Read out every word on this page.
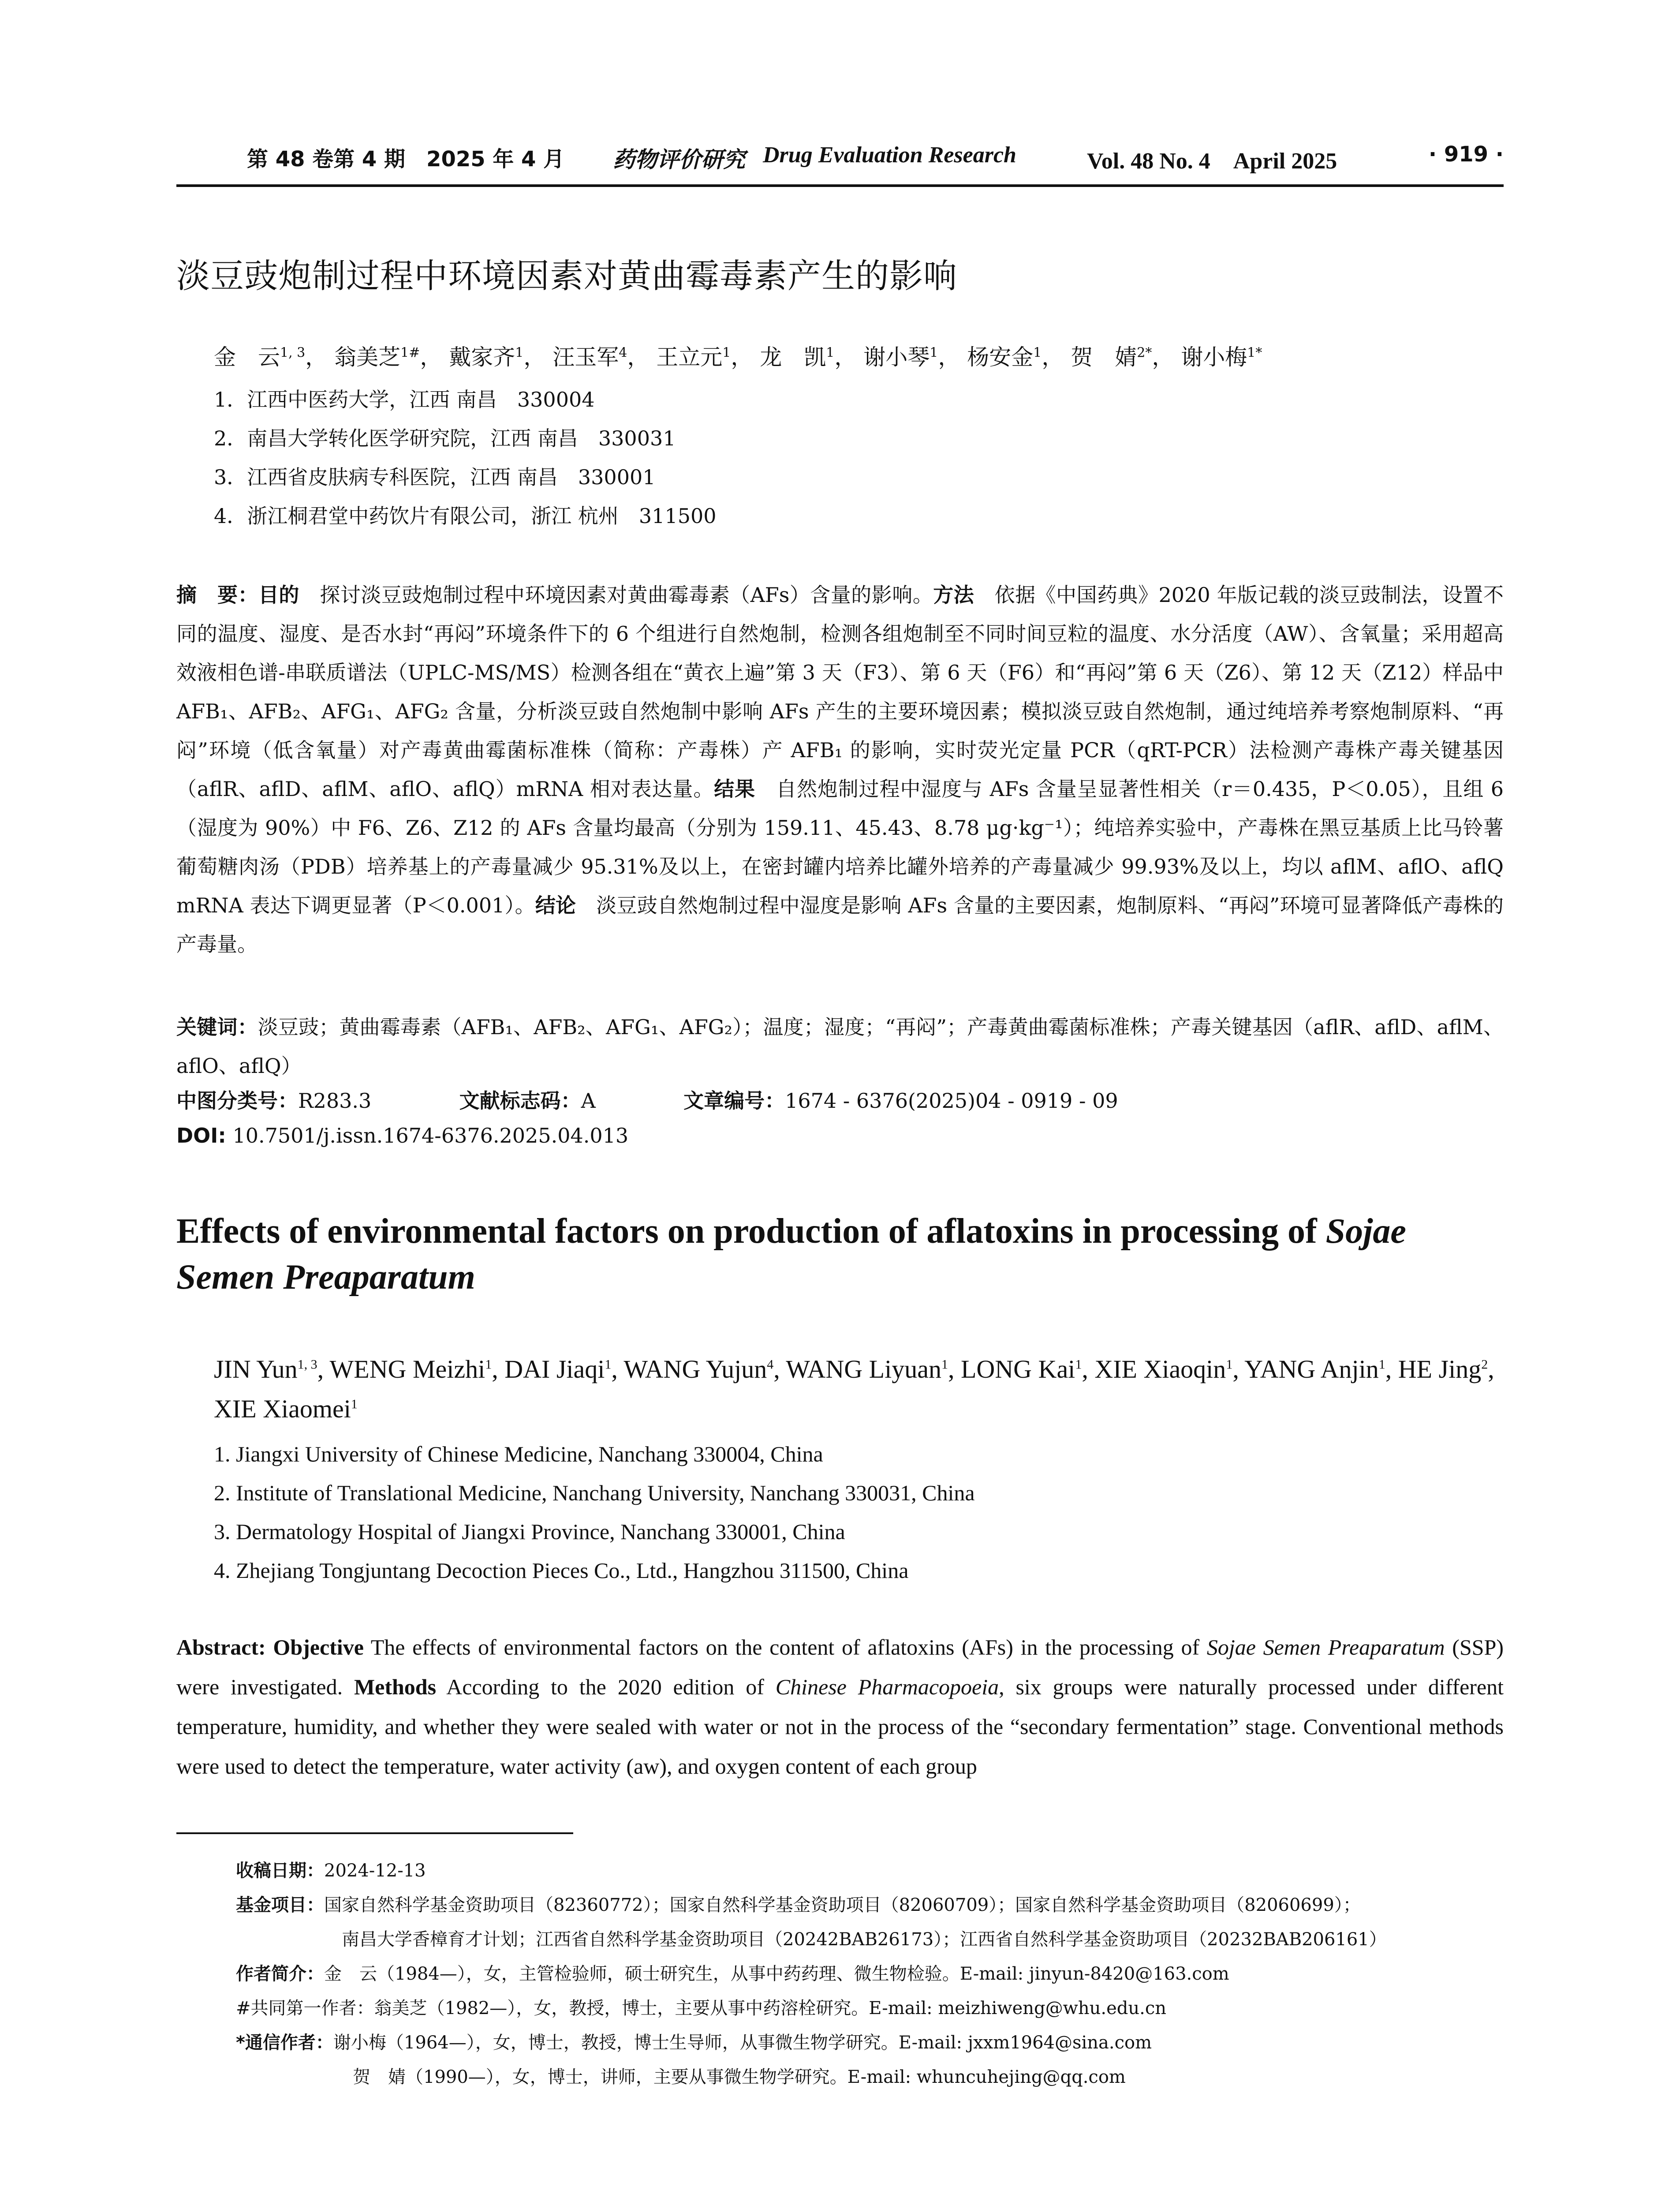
第 48 卷第 4 期　2025 年 4 月 药物评价研究 Drug Evaluation Research	Vol. 48 No. 4　April 2025	· 919 ·
淡豆豉炮制过程中环境因素对黄曲霉毒素产生的影响
金　云$^{1, 3}$， 翁美芝$^{1\#}$， 戴家齐$^1$， 汪玉军$^4$， 王立元$^1$， 龙　凯$^1$， 谢小琴$^1$， 杨安金$^1$， 贺　婧$^{2*}$， 谢小梅$^{1*}$
1．江西中医药大学，江西 南昌　330004
2．南昌大学转化医学研究院，江西 南昌　330031
3．江西省皮肤病专科医院，江西 南昌　330001
4．浙江桐君堂中药饮片有限公司，浙江 杭州　311500
摘　要：目的　 探讨淡豆豉炮制过程中环境因素对黄曲霉毒素（AFs）含量的影响。方法　 依据《中国药典》2020 年版记载的淡豆豉制法，设置不同的温度、湿度、是否水封“再闷”环境条件下的 6 个组进行自然炮制，检测各组炮制至不同时间豆粒的温度、水分活度（AW）、含氧量；采用超高效液相色谱-串联质谱法（UPLC-MS/MS）检测各组在“黄衣上遍”第 3 天（F3）、第 6 天（F6）和“再闷”第 6 天（Z6）、第 12 天（Z12）样品中 AFB₁、AFB₂、AFG₁、AFG₂ 含量，分析淡豆豉自然炮制中影响 AFs 产生的主要环境因素；模拟淡豆豉自然炮制，通过纯培养考察炮制原料、“再闷”环境（低含氧量）对产毒黄曲霉菌标准株（简称：产毒株）产 AFB₁ 的影响，实时荧光定量 PCR（qRT-PCR）法检测产毒株产毒关键基因（aflR、aflD、aflM、aflO、aflQ）mRNA 相对表达量。结果　 自然炮制过程中湿度与 AFs 含量呈显著性相关（r＝0.435，P＜0.05），且组 6（湿度为 90%）中 F6、Z6、Z12 的 AFs 含量均最高（分别为 159.11、45.43、8.78 μg·kg⁻¹）；纯培养实验中，产毒株在黑豆基质上比马铃薯葡萄糖肉汤（PDB）培养基上的产毒量减少 95.31%及以上，在密封罐内培养比罐外培养的产毒量减少 99.93%及以上，均以 aflM、aflO、aflQ mRNA 表达下调更显著（P＜0.001）。结论　 淡豆豉自然炮制过程中湿度是影响 AFs 含量的主要因素，炮制原料、“再闷”环境可显著降低产毒株的产毒量。
关键词：淡豆豉；黄曲霉毒素（AFB₁、AFB₂、AFG₁、AFG₂）；温度；湿度；“再闷”；产毒黄曲霉菌标准株；产毒关键基因（aflR、aflD、aflM、aflO、aflQ）
中图分类号：R283.3	文献标志码：A	文章编号：1674 - 6376(2025)04 - 0919 - 09
DOI: 10.7501/j.issn.1674-6376.2025.04.013
Effects of environmental factors on production of aflatoxins in processing of Sojae Semen Preaparatum
JIN Yun$^{1, 3}$, WENG Meizhi$^1$, DAI Jiaqi$^1$, WANG Yujun$^4$, WANG Liyuan$^1$, LONG Kai$^1$, XIE Xiaoqin$^1$, YANG Anjin$^1$, HE Jing$^2$, XIE Xiaomei$^1$
1. Jiangxi University of Chinese Medicine, Nanchang 330004, China
2. Institute of Translational Medicine, Nanchang University, Nanchang 330031, China
3. Dermatology Hospital of Jiangxi Province, Nanchang 330001, China
4. Zhejiang Tongjuntang Decoction Pieces Co., Ltd., Hangzhou 311500, China
Abstract: Objective The effects of environmental factors on the content of aflatoxins (AFs) in the processing of Sojae Semen Preaparatum (SSP) were investigated. Methods According to the 2020 edition of Chinese Pharmacopoeia, six groups were naturally processed under different temperature, humidity, and whether they were sealed with water or not in the process of the “secondary fermentation” stage. Conventional methods were used to detect the temperature, water activity (aw), and oxygen content of each group
收稿日期：2024-12-13
基金项目：国家自然科学基金资助项目（82360772）；国家自然科学基金资助项目（82060709）；国家自然科学基金资助项目（82060699）；
南昌大学香樟育才计划；江西省自然科学基金资助项目（20242BAB26173）；江西省自然科学基金资助项目（20232BAB206161）
作者简介：金　云（1984—），女，主管检验师，硕士研究生，从事中药药理、微生物检验。E-mail: jinyun-8420@163.com
#共同第一作者：翁美芝（1982—），女，教授，博士，主要从事中药溶栓研究。E-mail: meizhiweng@whu.edu.cn
*通信作者：谢小梅（1964—），女，博士，教授，博士生导师，从事微生物学研究。E-mail: jxxm1964@sina.com
贺　婧（1990—），女，博士，讲师，主要从事微生物学研究。E-mail: whuncuhejing@qq.com
